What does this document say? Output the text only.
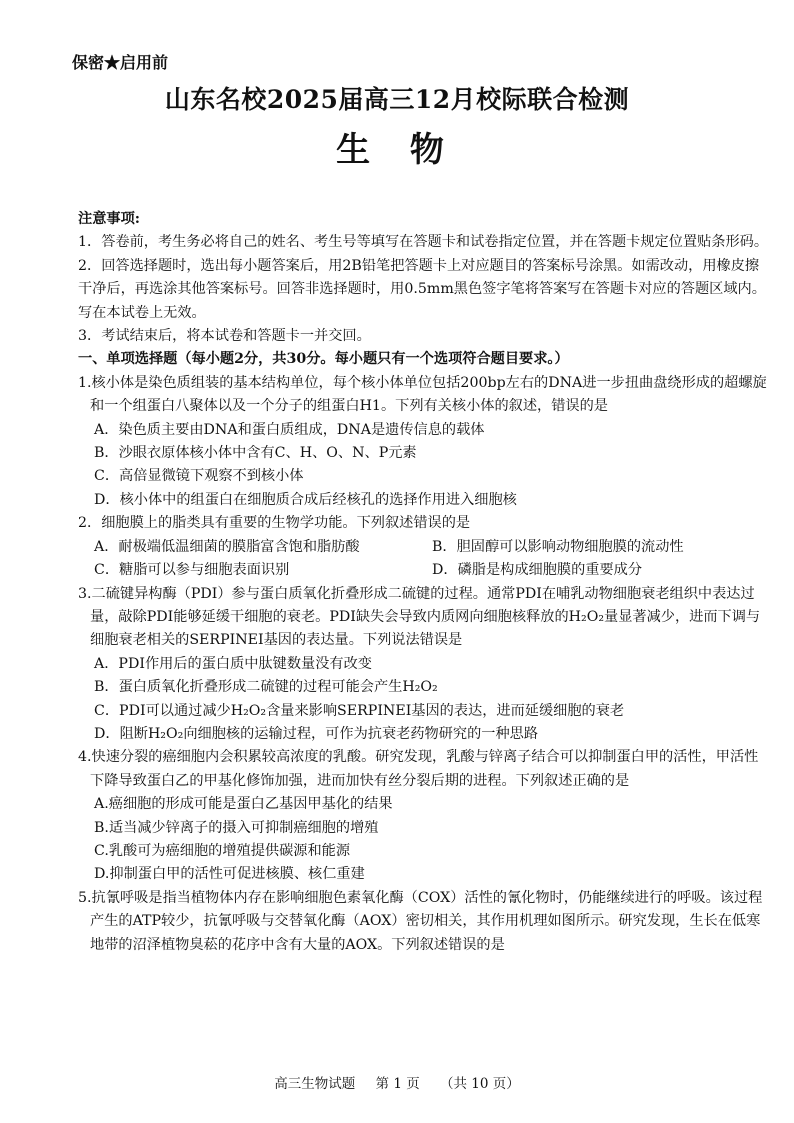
保密★启用前
山东名校2025届高三12月校际联合检测
生 物

注意事项:

1．答卷前，考生务必将自己的姓名、考生号等填写在答题卡和试卷指定位置，并在答题卡规定位置贴条形码。

2．回答选择题时，选出每小题答案后，用2B铅笔把答题卡上对应题目的答案标号涂黑。如需改动，用橡皮擦干净后，再选涂其他答案标号。回答非选择题时，用0.5mm黑色签字笔将答案写在答题卡对应的答题区域内。写在本试卷上无效。

3．考试结束后，将本试卷和答题卡一并交回。

一、单项选择题（每小题2分，共30分。每小题只有一个选项符合题目要求。）

1.核小体是染色质组装的基本结构单位，每个核小体单位包括200bp左右的DNA进一步扭曲盘绕形成的超螺旋和一个组蛋白八聚体以及一个分子的组蛋白H1。下列有关核小体的叙述，错误的是

A．染色质主要由DNA和蛋白质组成，DNA是遗传信息的载体

B．沙眼衣原体核小体中含有C、H、O、N、P元素

C．高倍显微镜下观察不到核小体

D．核小体中的组蛋白在细胞质合成后经核孔的选择作用进入细胞核

2．细胞膜上的脂类具有重要的生物学功能。下列叙述错误的是

A．耐极端低温细菌的膜脂富含饱和脂肪酸	B．胆固醇可以影响动物细胞膜的流动性
C．糖脂可以参与细胞表面识别	D．磷脂是构成细胞膜的重要成分

3.二硫键异构酶（PDI）参与蛋白质氧化折叠形成二硫键的过程。通常PDI在哺乳动物细胞衰老组织中表达过量，敲除PDI能够延缓干细胞的衰老。PDI缺失会导致内质网向细胞核释放的H₂O₂量显著减少，进而下调与细胞衰老相关的SERPINEI基因的表达量。下列说法错误是

A．PDI作用后的蛋白质中肽键数量没有改变

B．蛋白质氧化折叠形成二硫键的过程可能会产生H₂O₂

C．PDI可以通过减少H₂O₂含量来影响SERPINEI基因的表达，进而延缓细胞的衰老

D．阻断H₂O₂向细胞核的运输过程，可作为抗衰老药物研究的一种思路

4.快速分裂的癌细胞内会积累较高浓度的乳酸。研究发现，乳酸与锌离子结合可以抑制蛋白甲的活性，甲活性下降导致蛋白乙的甲基化修饰加强，进而加快有丝分裂后期的进程。下列叙述正确的是

A.癌细胞的形成可能是蛋白乙基因甲基化的结果

B.适当减少锌离子的摄入可抑制癌细胞的增殖

C.乳酸可为癌细胞的增殖提供碳源和能源

D.抑制蛋白甲的活性可促进核膜、核仁重建

5.抗氰呼吸是指当植物体内存在影响细胞色素氧化酶（COX）活性的氰化物时，仍能继续进行的呼吸。该过程产生的ATP较少，抗氰呼吸与交替氧化酶（AOX）密切相关，其作用机理如图所示。研究发现，生长在低寒地带的沼泽植物臭菘的花序中含有大量的AOX。下列叙述错误的是

高三生物试题 第 1 页 （共 10 页）
